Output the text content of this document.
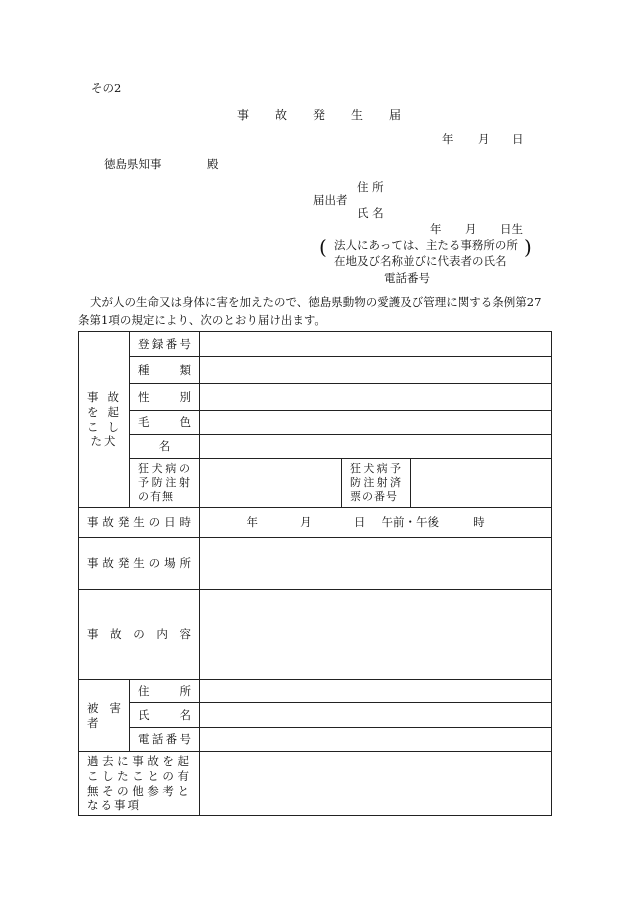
その2
事故発生届
年 月 日
徳島県知事	殿
住 所
届出者
氏 名
年 月 日生
( 法人にあっては、主たる事務所の所
在地及び名称並びに代表者の氏名
)
電話番号
犬が人の生命又は身体に害を加えたので、徳島県動物の愛護及び管理に関する条例第27
条第1項の規定により、次のとおり届け出ます。
事故を起こした犬	登録番号			
	種 類			
	性 別			
	毛 色			
	名			
	狂犬病の予防注射の有無		狂犬病予防注射済票の番号	

事故発生の日時		年 月 日 午前・午後 時		
事故発生の場所				
事故の内容				
被害者	住 所			
	氏 名			
	電話番号			
過去に事故を起こしたことの有無その他参考となる事項				
